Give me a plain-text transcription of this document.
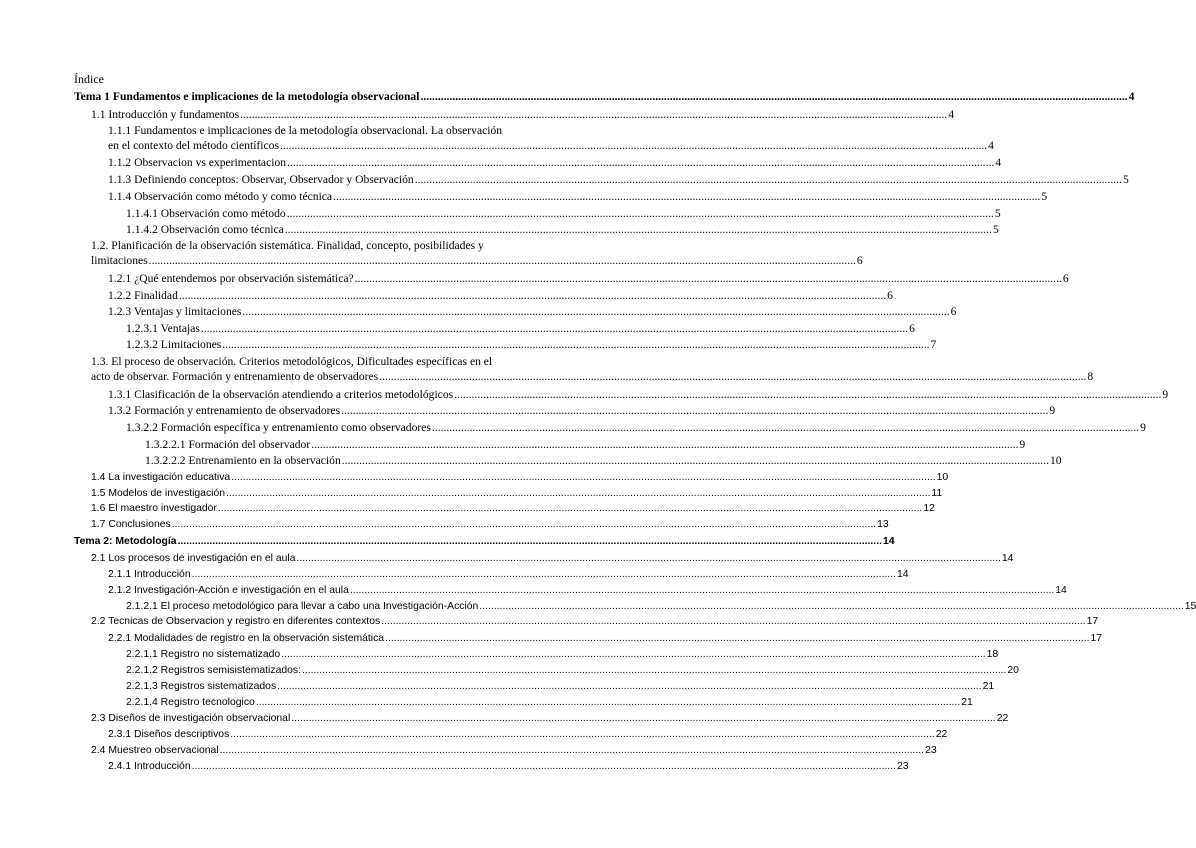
Índice
Tema 1 Fundamentos e implicaciones de la metodología observacional .....	4
1.1 Introducción y fundamentos .....	4
1.1.1 Fundamentos e implicaciones de la metodología observacional. La observación
en el contexto del método científicos .....	4
1.1.2 Observacion vs experimentacion .....	4
1.1.3 Definiendo conceptos: Observar, Observador y Observación .....	5
1.1.4 Observación como método y como técnica .....	5
1.1.4.1 Observación como método .....	5
1.1.4.2 Observación como técnica .....	5
1.2. Planificación de la observación sistemática. Finalidad, concepto, posibilidades y
limitaciones .....	6
1.2.1 ¿Qué entendemos por observación sistemática? .....	6
1.2.2 Finalidad .....	6
1.2.3 Ventajas y limitaciones .....	6
1.2.3.1 Ventajas .....	6
1.2.3.2 Limitaciones .....	7
1.3. El proceso de observación. Criterios metodológicos, Dificultades específicas en el
acto de observar. Formación y entrenamiento de observadores .....	8
1.3.1 Clasificación de la observación atendiendo a criterios metodológicos .....	9
1.3.2 Formación y entrenamiento de observadores .....	9
1.3.2.2 Formación específica y entrenamiento como observadores .....	9
1.3.2.2.1 Formación del observador .....	9
1.3.2.2.2 Entrenamiento en la observación .....	10
1.4 La investigación educativa .....	10
1.5 Modelos de investigación .....	11
1.6 El maestro investigador .....	12
1.7 Conclusiones .....	13
Tema 2: Metodología .....	14
2.1 Los procesos de investigación en el aula .....	14
2.1.1 Introducción .....	14
2.1.2 Investigación-Acción e investigación en el aula .....	14
2.1.2.1 El proceso metodológico para llevar a cabo una Investigación-Acción .....	15
2.2 Tecnicas de Observacion y registro en diferentes contextos .....	17
2.2.1 Modalidades de registro en la observación sistemática .....	17
2.2.1.1 Registro no sistematizado .....	18
2.2.1.2 Registros semisistematizados: .....	20
2.2.1.3 Registros sistematizados .....	21
2.2.1.4 Registro tecnologico .....	21
2.3 Diseños de investigación observacional .....	22
2.3.1 Diseños descriptivos .....	22
2.4 Muestreo observacional .....	23
2.4.1 Introducción .....	23
